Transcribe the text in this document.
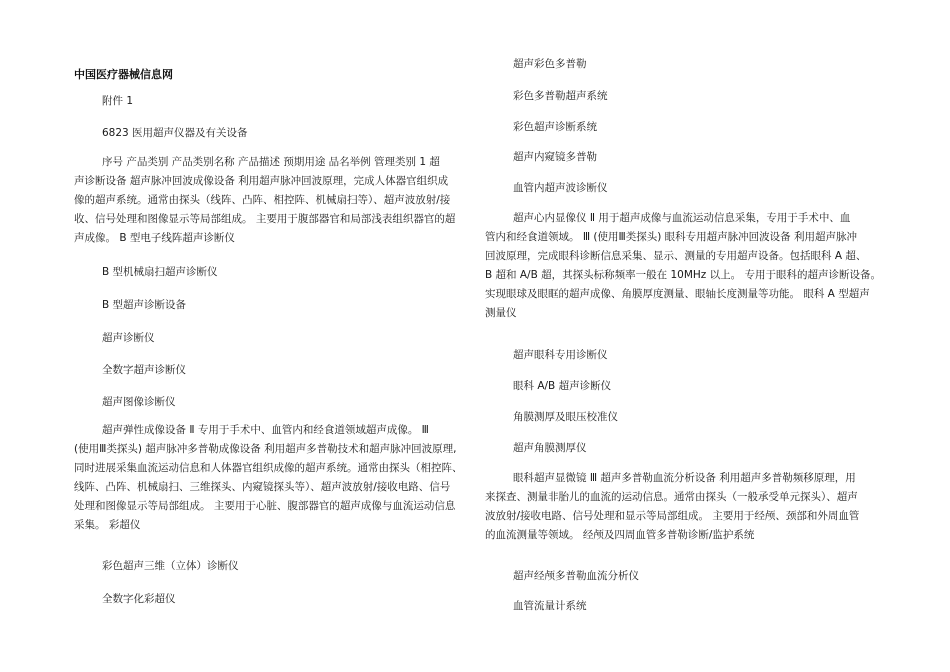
中国医疗器械信息网
附件 1
6823 医用超声仪器及有关设备
序号 产品类别 产品类别名称 产品描述 预期用途 品名举例 管理类别 1 超
声诊断设备 超声脉冲回波成像设备 利用超声脉冲回波原理，完成人体器官组织成
像的超声系统。通常由探头（线阵、凸阵、相控阵、机械扇扫等）、超声波放射/接
收、信号处理和图像显示等局部组成。 主要用于腹部器官和局部浅表组织器官的超
声成像。 B 型电子线阵超声诊断仪
B 型机械扇扫超声诊断仪
B 型超声诊断设备
超声诊断仪
全数字超声诊断仪
超声图像诊断仪
超声弹性成像设备 Ⅱ 专用于手术中、血管内和经食道领域超声成像。 Ⅲ
(使用Ⅲ类探头) 超声脉冲多普勒成像设备 利用超声多普勒技术和超声脉冲回波原理,
同时进展采集血流运动信息和人体器官组织成像的超声系统。通常由探头（相控阵、
线阵、凸阵、机械扇扫、三维探头、内窥镜探头等）、超声波放射/接收电路、信号
处理和图像显示等局部组成。 主要用于心脏、腹部器官的超声成像与血流运动信息
采集。 彩超仪
彩色超声三维（立体）诊断仪
全数字化彩超仪
超声彩色多普勒
彩色多普勒超声系统
彩色超声诊断系统
超声内窥镜多普勒
血管内超声波诊断仪
超声心内显像仪 Ⅱ 用于超声成像与血流运动信息采集，专用于手术中、血
管内和经食道领域。 Ⅲ (使用Ⅲ类探头) 眼科专用超声脉冲回波设备 利用超声脉冲
回波原理，完成眼科诊断信息采集、显示、测量的专用超声设备。包括眼科 A 超、
B 超和 A/B 超，其探头标称频率一般在 10MHz 以上。 专用于眼科的超声诊断设备。
实现眼球及眼眶的超声成像、角膜厚度测量、眼轴长度测量等功能。 眼科 A 型超声
测量仪
超声眼科专用诊断仪
眼科 A/B 超声诊断仪
角膜测厚及眼压校准仪
超声角膜测厚仪
眼科超声显微镜 Ⅲ 超声多普勒血流分析设备 利用超声多普勒频移原理，用
来探查、测量非胎儿的血流的运动信息。通常由探头（一般承受单元探头）、超声
波放射/接收电路、信号处理和显示等局部组成。 主要用于经颅、颈部和外周血管
的血流测量等领域。 经颅及四周血管多普勒诊断/监护系统
超声经颅多普勒血流分析仪
血管流量计系统
